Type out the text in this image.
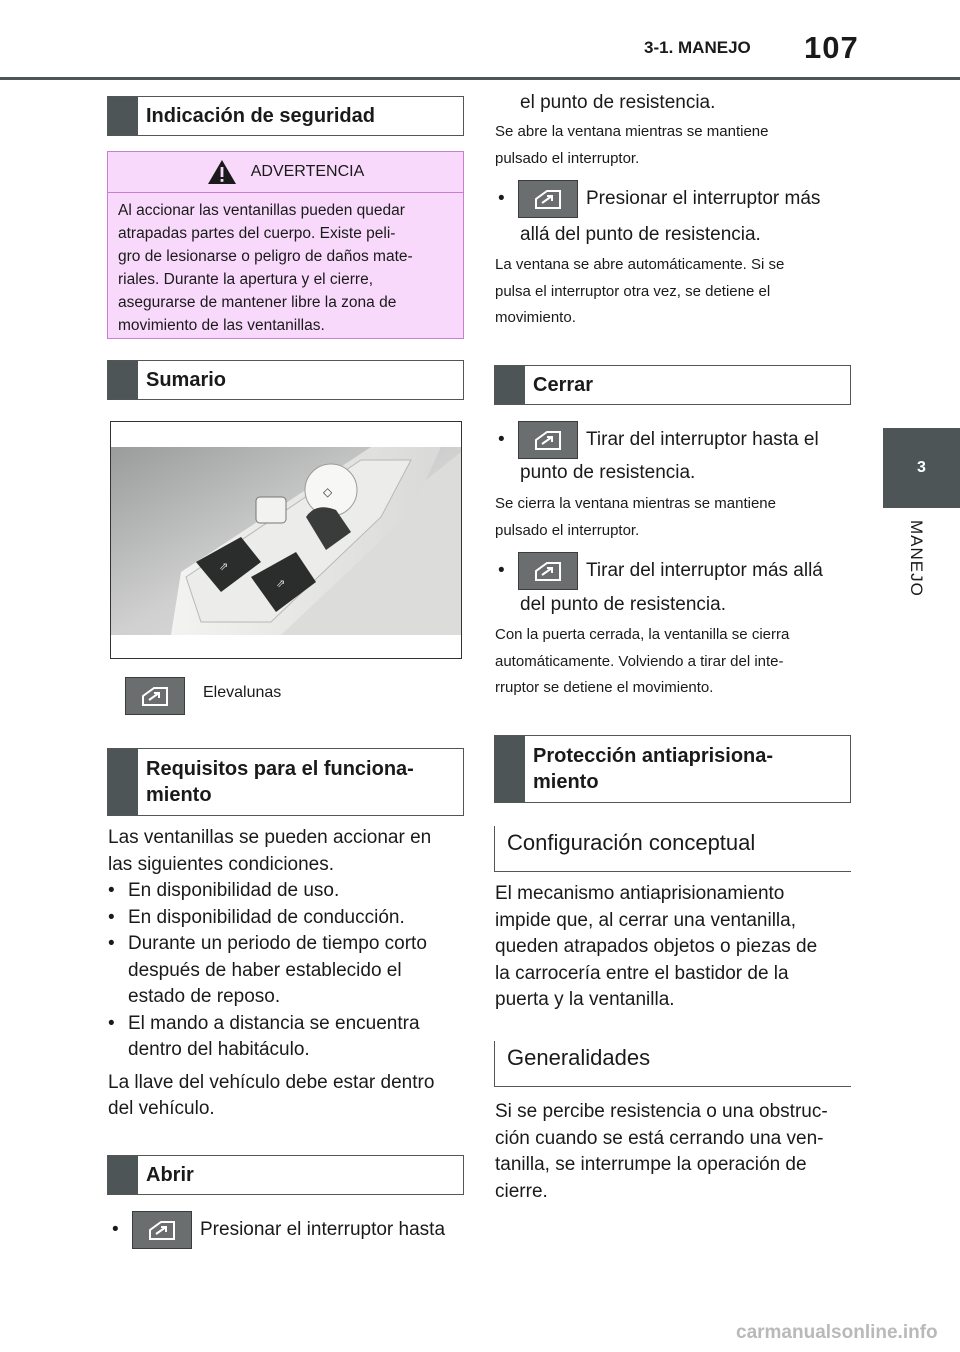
3-1. MANEJO 107
3
MANEJO
Indicación de seguridad
ADVERTENCIA
Al accionar las ventanillas pueden quedar
atrapadas partes del cuerpo. Existe peli-
gro de lesionarse o peligro de daños mate-
riales. Durante la apertura y el cierre,
asegurarse de mantener libre la zona de
movimiento de las ventanillas.
Sumario
◇
⇗
⇗
Elevalunas
Requisitos para el funciona-
miento
Las ventanillas se pueden accionar en
las siguientes condiciones.
• En disponibilidad de uso.
• En disponibilidad de conducción.
• Durante un periodo de tiempo corto
después de haber establecido el
estado de reposo.
• El mando a distancia se encuentra
dentro del habitáculo.
La llave del vehículo debe estar dentro
del vehículo.
Abrir
•	Presionar el interruptor hasta
el punto de resistencia.
Se abre la ventana mientras se mantiene
pulsado el interruptor.
•	Presionar el interruptor más
allá del punto de resistencia.
La ventana se abre automáticamente. Si se
pulsa el interruptor otra vez, se detiene el
movimiento.
Cerrar
•	Tirar del interruptor hasta el
punto de resistencia.
Se cierra la ventana mientras se mantiene
pulsado el interruptor.
•	Tirar del interruptor más allá
del punto de resistencia.
Con la puerta cerrada, la ventanilla se cierra
automáticamente. Volviendo a tirar del inte-
rruptor se detiene el movimiento.
Protección antiaprisiona-
miento
Configuración conceptual
El mecanismo antiaprisionamiento
impide que, al cerrar una ventanilla,
queden atrapados objetos o piezas de
la carrocería entre el bastidor de la
puerta y la ventanilla.
Generalidades
Si se percibe resistencia o una obstruc-
ción cuando se está cerrando una ven-
tanilla, se interrumpe la operación de
cierre.
carmanualsonline.info
